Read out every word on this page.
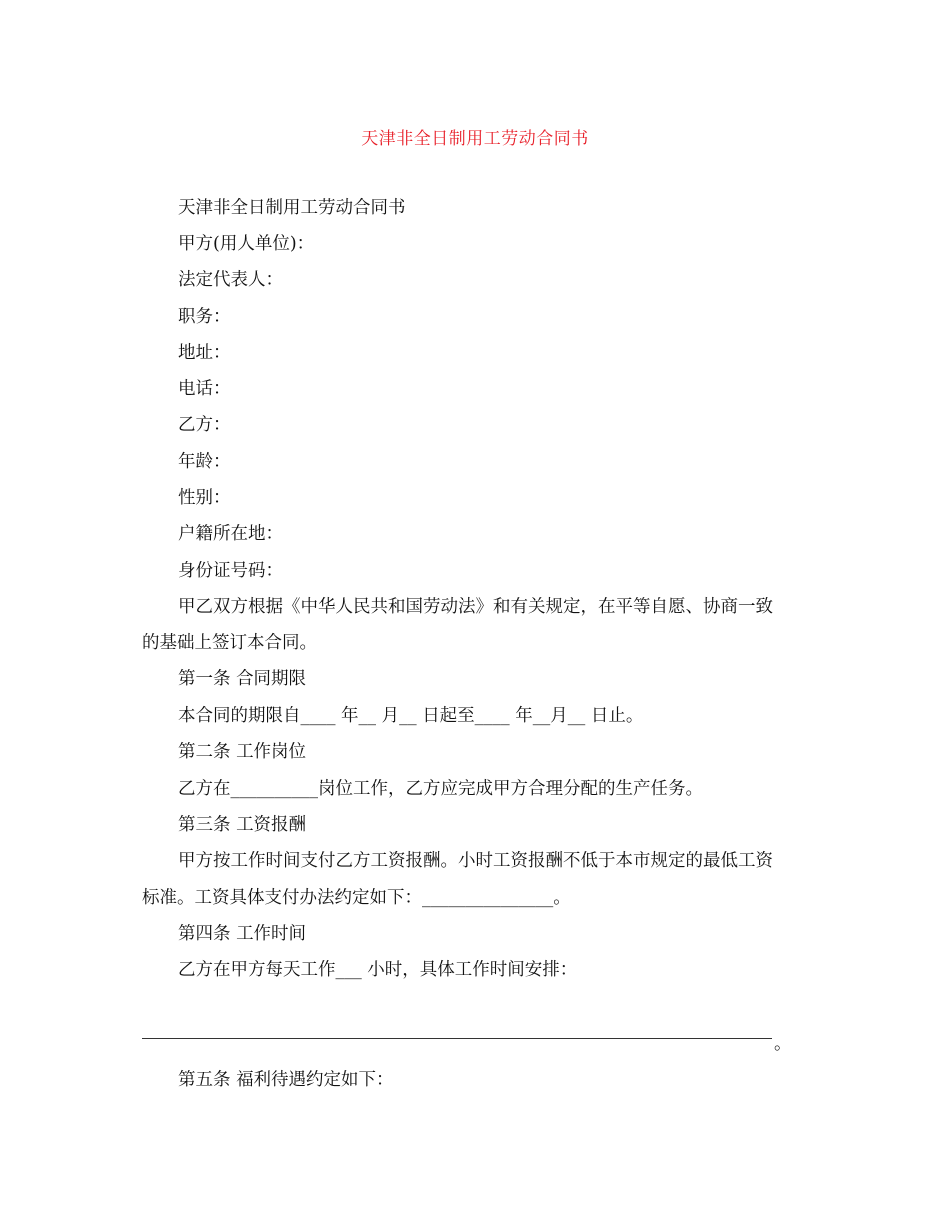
天津非全日制用工劳动合同书
天津非全日制用工劳动合同书
甲方(用人单位)：
法定代表人：
职务：
地址：
电话：
乙方：
年龄：
性别：
户籍所在地：
身份证号码：
甲乙双方根据《中华人民共和国劳动法》和有关规定，在平等自愿、协商一致
的基础上签订本合同。
第一条 合同期限
本合同的期限自____ 年__ 月__ 日起至____ 年__月__ 日止。
第二条 工作岗位
乙方在__________岗位工作，乙方应完成甲方合理分配的生产任务。
第三条 工资报酬
甲方按工作时间支付乙方工资报酬。小时工资报酬不低于本市规定的最低工资
标准。工资具体支付办法约定如下：_______________。
第四条 工作时间
乙方在甲方每天工作___ 小时，具体工作时间安排：
。
第五条 福利待遇约定如下：
